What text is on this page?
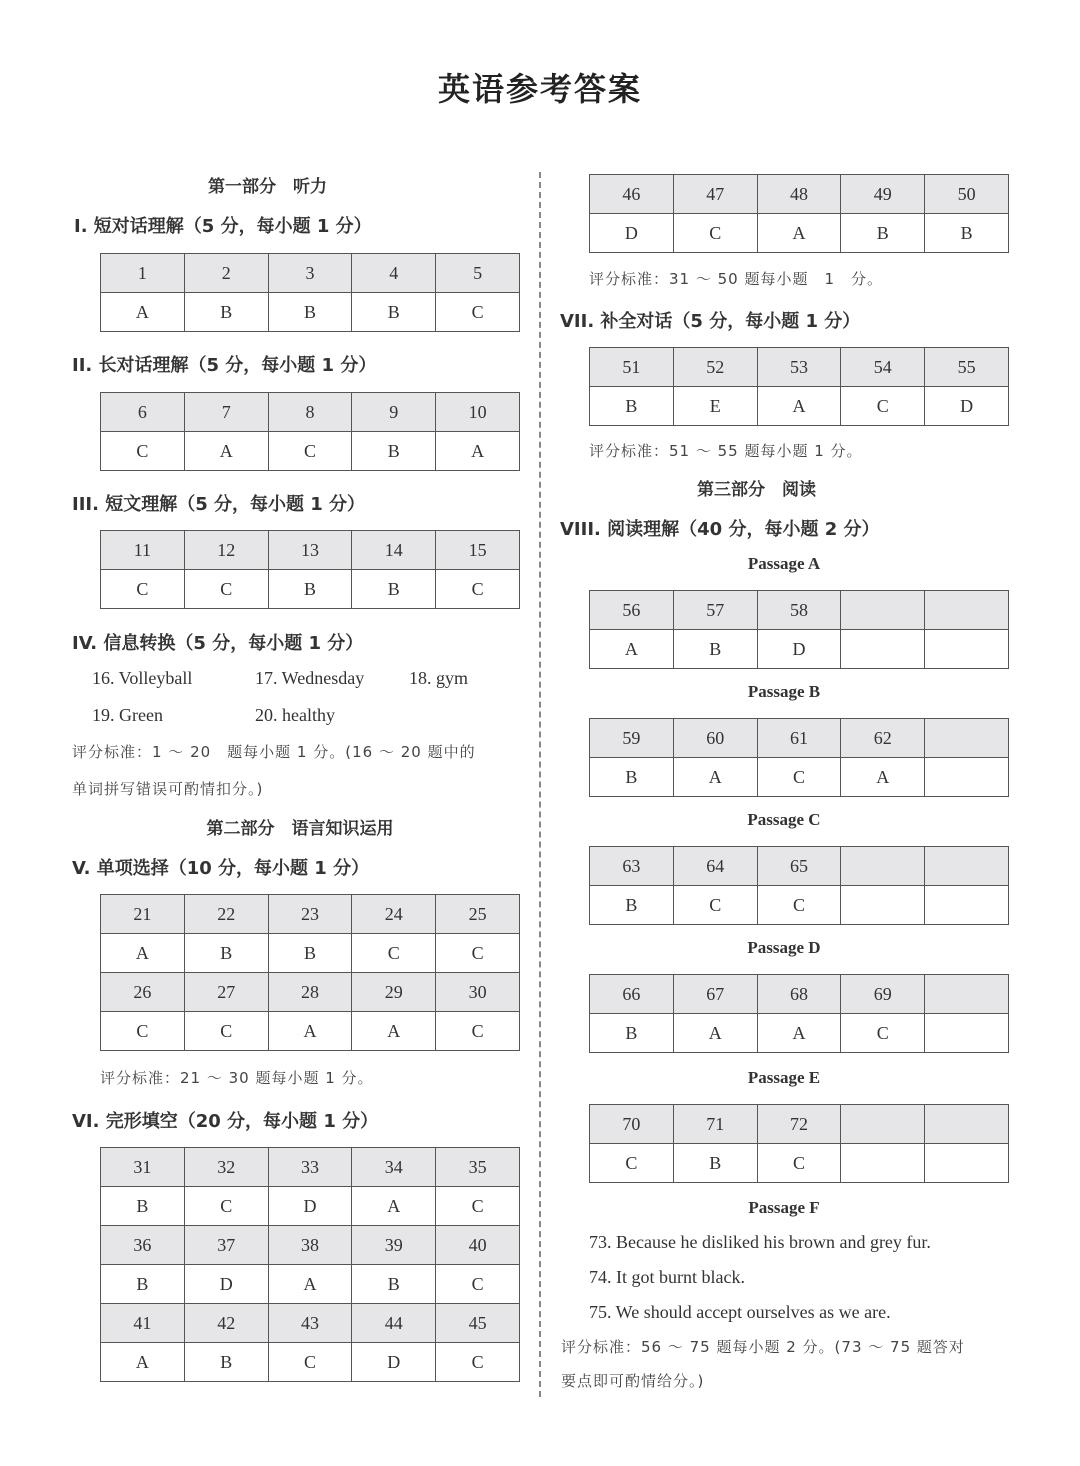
英语参考答案
第一部分　听力
Ⅰ. 短对话理解（5 分，每小题 1 分）
1	2	3	4	5
A	B	B	B	C
II. 长对话理解（5 分，每小题 1 分）
6	7	8	9	10
C	A	C	B	A
III. 短文理解（5 分，每小题 1 分）
11	12	13	14	15
C	C	B	B	C
IV. 信息转换（5 分，每小题 1 分）
16. Volleyball	17. Wednesday 18. gym
19. Green	20. healthy
评分标准：1 ～ 20　题每小题 1 分。(16 ～ 20 题中的
单词拼写错误可酌情扣分。)
第二部分　语言知识运用
V. 单项选择（10 分，每小题 1 分）
21	22	23	24	25
A	B	B	C	C
26	27	28	29	30
C	C	A	A	C
评分标准：21 ～ 30 题每小题 1 分。
VI. 完形填空（20 分，每小题 1 分）
31	32	33	34	35
B	C	D	A	C
36	37	38	39	40
B	D	A	B	C
41	42	43	44	45
A	B	C	D	C
46	47	48	49	50
D	C	A	B	B
评分标准：31 ～ 50 题每小题　1　分。
VII. 补全对话（5 分，每小题 1 分）
51	52	53	54	55
B	E	A	C	D
评分标准：51 ～ 55 题每小题 1 分。
第三部分　阅读
VIII. 阅读理解（40 分，每小题 2 分）
Passage A
56	57	58		
A	B	D		
Passage B
59	60	61	62	
B	A	C	A	
Passage C
63	64	65		
B	C	C		
Passage D
66	67	68	69	
B	A	A	C	
Passage E
70	71	72		
C	B	C		
Passage F
73. Because he disliked his brown and grey fur.
74. It got burnt black.
75. We should accept ourselves as we are.
评分标准：56 ～ 75 题每小题 2 分。(73 ～ 75 题答对
要点即可酌情给分。)
